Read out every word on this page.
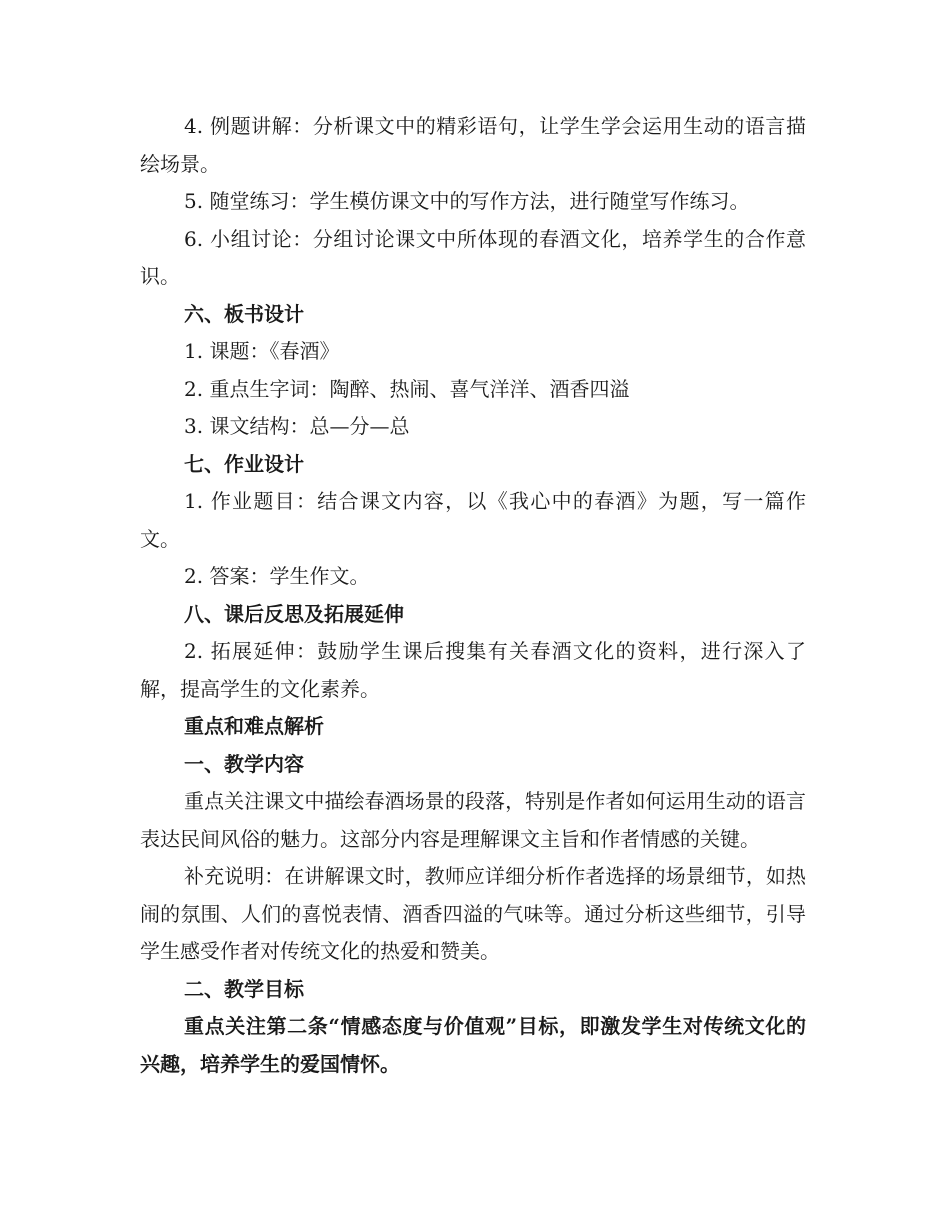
4. 例题讲解：分析课文中的精彩语句，让学生学会运用生动的语言描绘场景。

5. 随堂练习：学生模仿课文中的写作方法，进行随堂写作练习。

6. 小组讨论：分组讨论课文中所体现的春酒文化，培养学生的合作意识。

六、板书设计

1. 课题：《春酒》

2. 重点生字词：陶醉、热闹、喜气洋洋、酒香四溢

3. 课文结构：总—分—总

七、作业设计

1. 作业题目：结合课文内容，以《我心中的春酒》为题，写一篇作文。

2. 答案：学生作文。

八、课后反思及拓展延伸

2. 拓展延伸：鼓励学生课后搜集有关春酒文化的资料，进行深入了解，提高学生的文化素养。

重点和难点解析

一、教学内容

重点关注课文中描绘春酒场景的段落，特别是作者如何运用生动的语言表达民间风俗的魅力。这部分内容是理解课文主旨和作者情感的关键。

补充说明：在讲解课文时，教师应详细分析作者选择的场景细节，如热闹的氛围、人们的喜悦表情、酒香四溢的气味等。通过分析这些细节，引导学生感受作者对传统文化的热爱和赞美。

二、教学目标

重点关注第二条“情感态度与价值观”目标，即激发学生对传统文化的兴趣，培养学生的爱国情怀。
